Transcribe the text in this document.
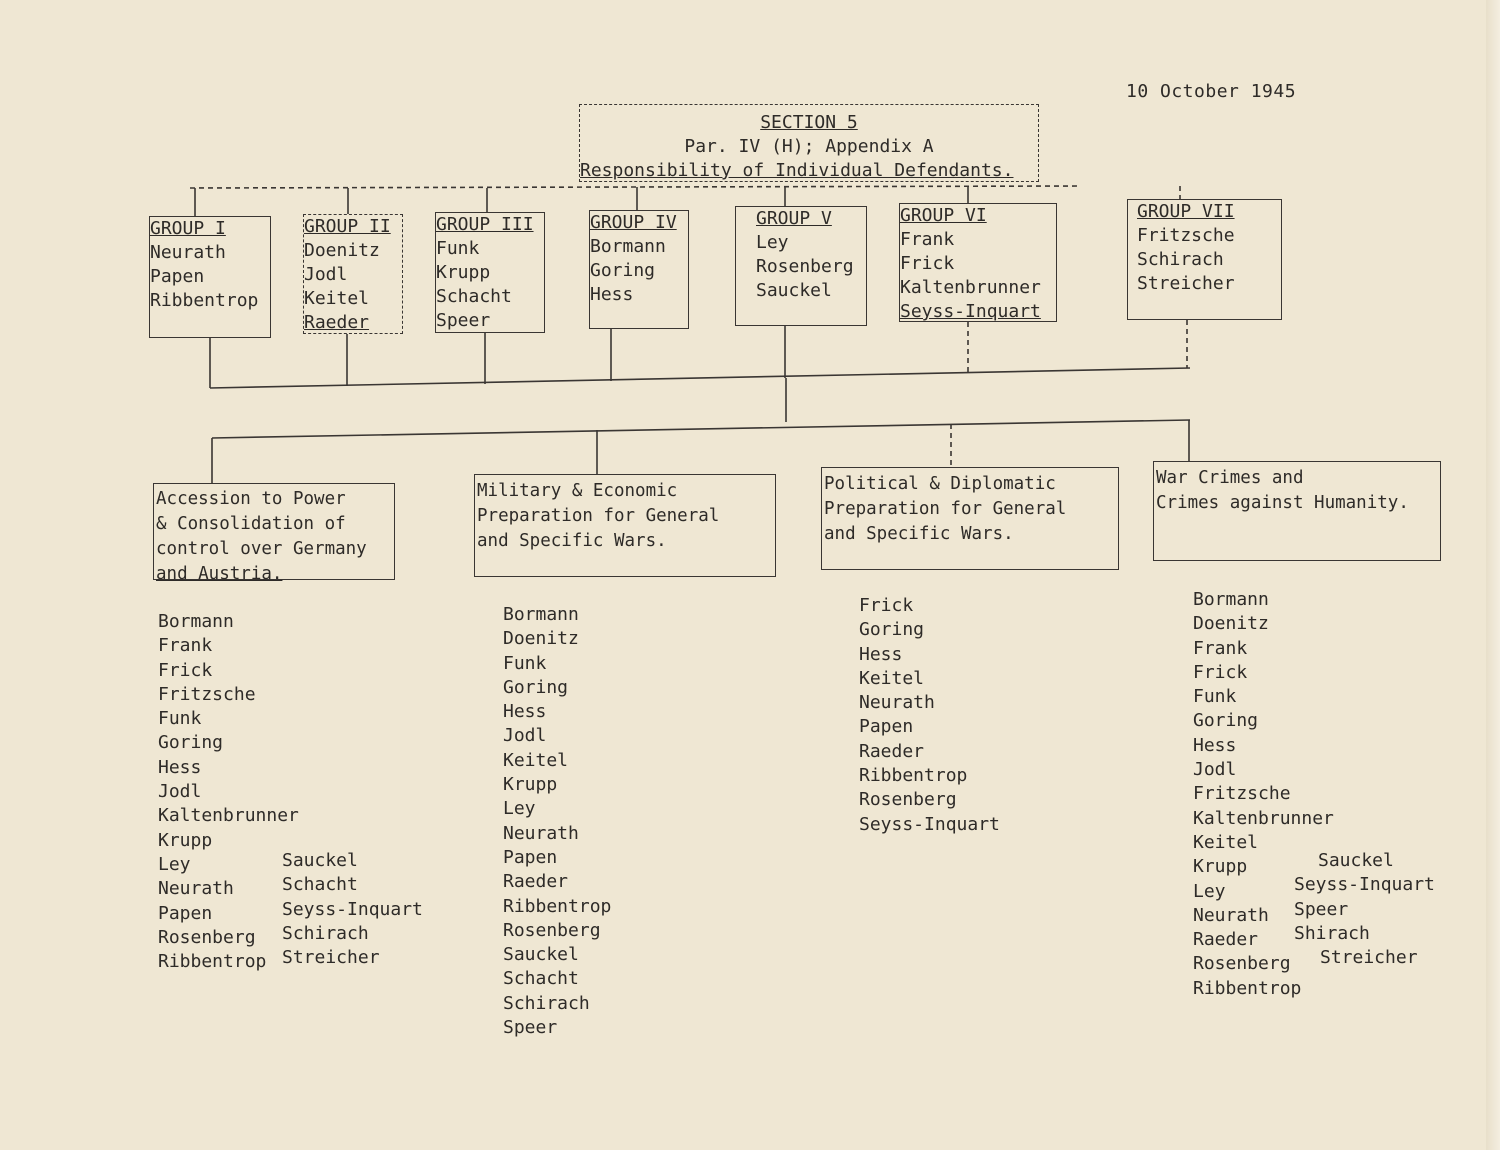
10 October 1945
SECTION 5
Par. IV (H); Appendix A
Responsibility of Individual Defendants.
GROUP I
Neurath
Papen
Ribbentrop
GROUP II
Doenitz
Jodl
Keitel
Raeder
GROUP III
Funk
Krupp
Schacht
Speer
GROUP IV
Bormann
Goring
Hess
GROUP V
Ley
Rosenberg
Sauckel
GROUP VI
Frank
Frick
Kaltenbrunner
Seyss-Inquart
GROUP VII
Fritzsche
Schirach
Streicher
Accession to Power
& Consolidation of
control over Germany
and Austria.
Military & Economic
Preparation for General
and Specific Wars.
Political & Diplomatic
Preparation for General
and Specific Wars.
War Crimes and
Crimes against Humanity.
Bormann
Frank
Frick
Fritzsche
Funk
Goring
Hess
Jodl
Kaltenbrunner
Krupp
Ley
Neurath
Papen
Rosenberg
Ribbentrop
Sauckel
Schacht
Seyss-Inquart
Schirach
Streicher
Bormann
Doenitz
Funk
Goring
Hess
Jodl
Keitel
Krupp
Ley
Neurath
Papen
Raeder
Ribbentrop
Rosenberg
Sauckel
Schacht
Schirach
Speer
Frick
Goring
Hess
Keitel
Neurath
Papen
Raeder
Ribbentrop
Rosenberg
Seyss-Inquart
Bormann
Doenitz
Frank
Frick
Funk
Goring
Hess
Jodl
Fritzsche
Kaltenbrunner
Keitel
Krupp
Ley
Neurath
Raeder
Rosenberg
Ribbentrop
Sauckel
Seyss-Inquart
Speer
Shirach
Streicher
